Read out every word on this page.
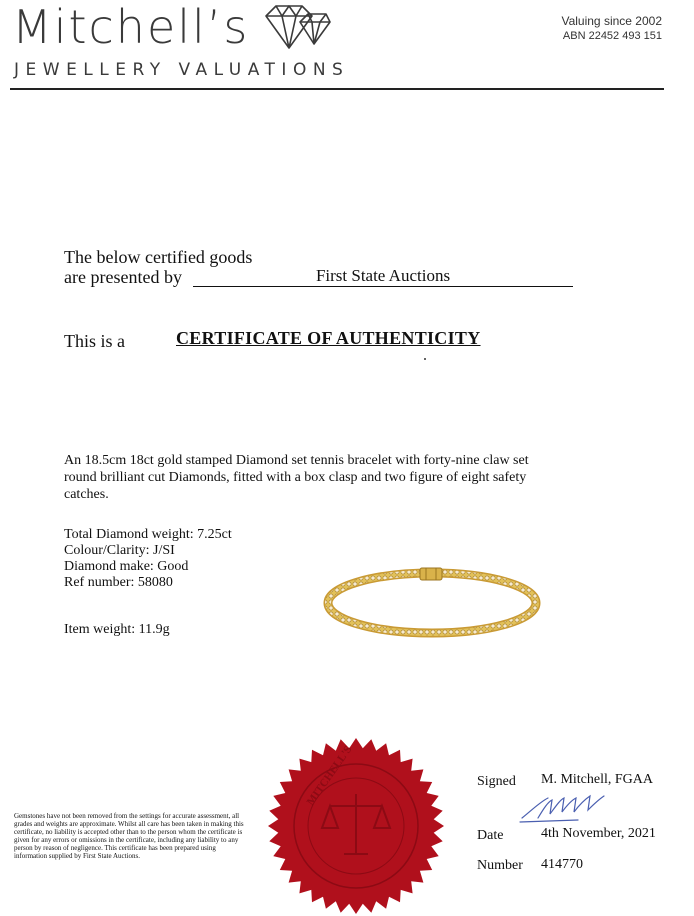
Mitchell’s
JEWELLERY VALUATIONS
Valuing since 2002
ABN 22452 493 151
The below certified goods
are presented by	First State Auctions
This is a	CERTIFICATE OF AUTHENTICITY
An 18.5cm 18ct gold stamped Diamond set tennis bracelet with forty-nine claw set round brilliant cut Diamonds, fitted with a box clasp and two figure of eight safety catches.
Total Diamond weight: 7.25ct
Colour/Clarity: J/SI
Diamond make: Good
Ref number: 58080
Item weight: 11.9g
MITCHELL'S
Gemstones have not been removed from the settings for accurate assessment, all grades and weights are approximate. Whilst all care has been taken in making this certificate, no liability is accepted other than to the person whom the certificate is given for any errors or omissions in the certificate, including any liability to any person by reason of negligence. This certificate has been prepared using information supplied by First State Auctions.
Signed M. Mitchell, FGAA
Date	4th November, 2021
Number 414770
